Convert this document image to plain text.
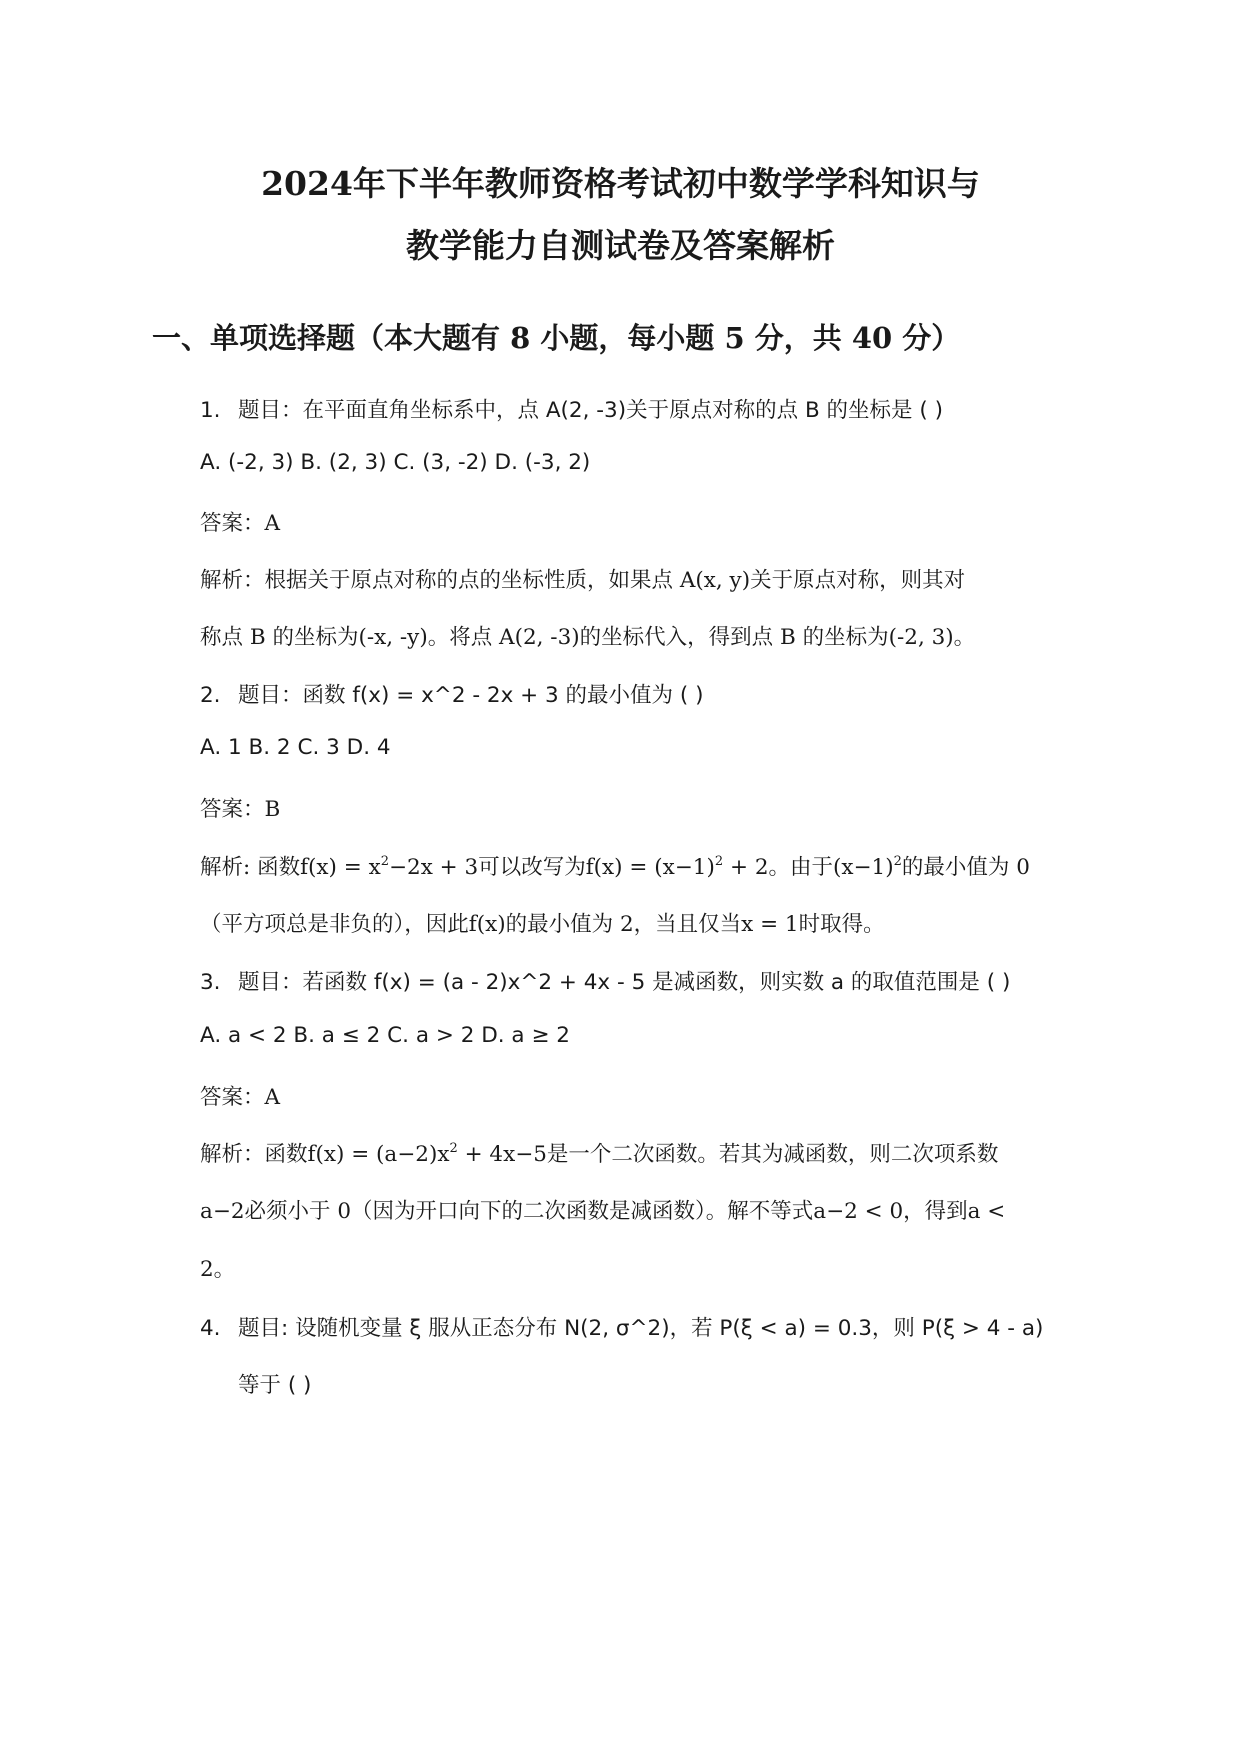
2024年下半年教师资格考试初中数学学科知识与
教学能力自测试卷及答案解析
一、单项选择题（本大题有 8 小题，每小题 5 分，共 40 分）
1. 题目：在平面直角坐标系中，点 A(2, -3)关于原点对称的点 B 的坐标是 ( )
A. (-2, 3) B. (2, 3) C. (3, -2) D. (-3, 2)
答案：A
解析：根据关于原点对称的点的坐标性质，如果点 A(x, y)关于原点对称，则其对
称点 B 的坐标为(-x, -y)。将点 A(2, -3)的坐标代入，得到点 B 的坐标为(-2, 3)。
2. 题目：函数 f(x) = x^2 - 2x + 3 的最小值为 ( )
A. 1 B. 2 C. 3 D. 4
答案：B
解析: 函数$f(x) = x^2-2x + 3$可以改写为$f(x) = (x-1)^2 + 2$。由于$(x-1)^2$的最小值为 0
（平方项总是非负的），因此f(x)的最小值为 2，当且仅当x = 1时取得。
3. 题目：若函数 f(x) = (a - 2)x^2 + 4x - 5 是减函数，则实数 a 的取值范围是 ( )
A. a < 2 B. a ≤ 2 C. a > 2 D. a ≥ 2
答案：A
解析：函数$f(x) = (a-2)x^2 + 4x-5$是一个二次函数。若其为减函数，则二次项系数
a−2必须小于 0（因为开口向下的二次函数是减函数）。解不等式a−2 < 0，得到a <
2。
4. 题目: 设随机变量 ξ 服从正态分布 N(2, σ^2)，若 P(ξ < a) = 0.3，则 P(ξ > 4 - a)
等于 ( )
